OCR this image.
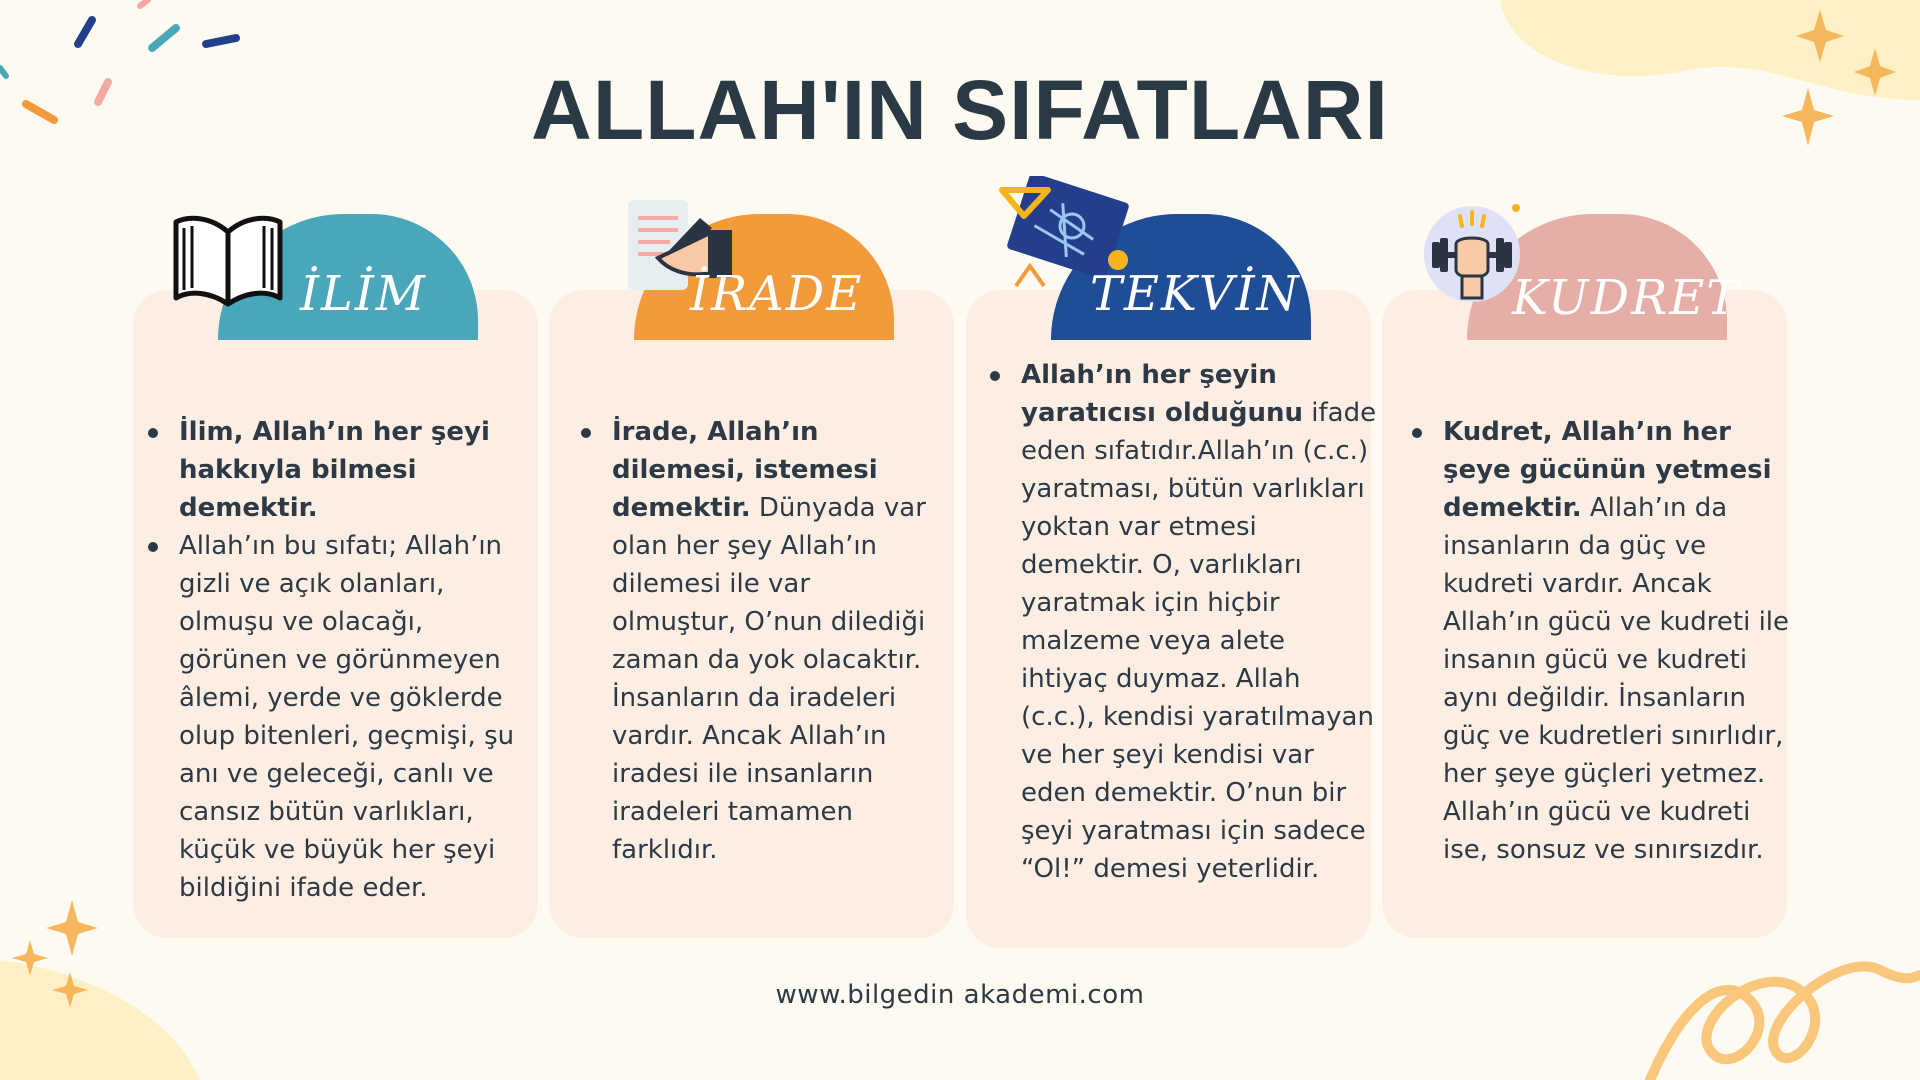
ALLAH'IN SIFATLARI
İLİM
İlim, Allah’ın her şeyi hakkıyla bilmesi demektir.
Allah’ın bu sıfatı; Allah’ın gizli ve açık olanları, olmuşu ve olacağı, görünen ve görünmeyen âlemi, yerde ve göklerde olup bitenleri, geçmişi, şu anı ve geleceği, canlı ve cansız bütün varlıkları, küçük ve büyük her şeyi bildiğini ifade eder.
İRADE
İrade, Allah’ın dilemesi, istemesi demektir. Dünyada var olan her şey Allah’ın dilemesi ile var olmuştur, O’nun dilediği zaman da yok olacaktır. İnsanların da iradeleri vardır. Ancak Allah’ın iradesi ile insanların iradeleri tamamen farklıdır.
TEKVİN
Allah’ın her şeyin yaratıcısı olduğunu ifade eden sıfatıdır.Allah’ın (c.c.) yaratması, bütün varlıkları yoktan var etmesi demektir. O, varlıkları yaratmak için hiçbir malzeme veya alete ihtiyaç duymaz. Allah (c.c.), kendisi yaratılmayan ve her şeyi kendisi var eden demektir. O’nun bir şeyi yaratması için sadece “Ol!” demesi yeterlidir.
KUDRET
Kudret, Allah’ın her şeye gücünün yetmesi demektir. Allah’ın da insanların da güç ve kudreti vardır. Ancak Allah’ın gücü ve kudreti ile insanın gücü ve kudreti aynı değildir. İnsanların güç ve kudretleri sınırlıdır, her şeye güçleri yetmez. Allah’ın gücü ve kudreti ise, sonsuz ve sınırsızdır.
www.bilgedin akademi.com
